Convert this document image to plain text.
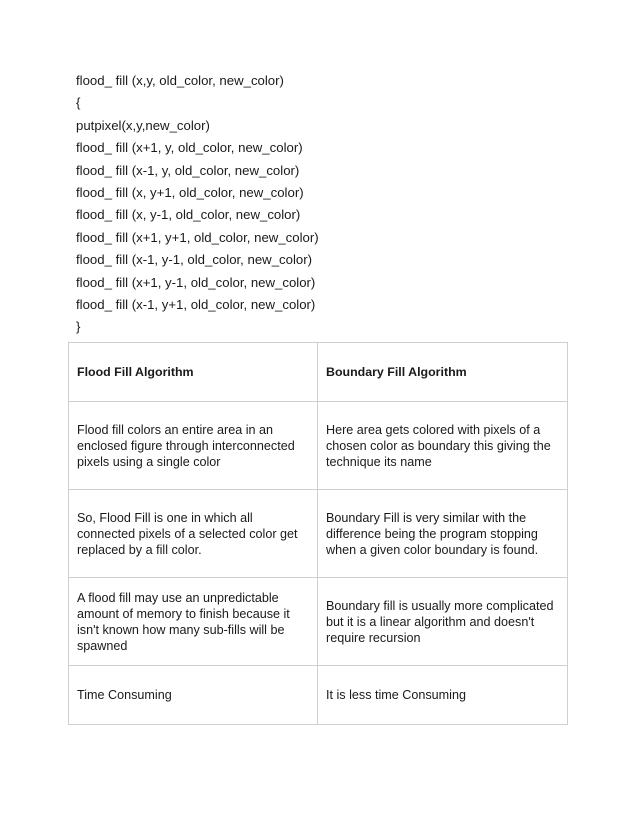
flood_ fill (x,y, old_color, new_color)
{
putpixel(x,y,new_color)
flood_ fill (x+1, y, old_color, new_color)
flood_ fill (x-1, y, old_color, new_color)
flood_ fill (x, y+1, old_color, new_color)
flood_ fill (x, y-1, old_color, new_color)
flood_ fill (x+1, y+1, old_color, new_color)
flood_ fill (x-1, y-1, old_color, new_color)
flood_ fill (x+1, y-1, old_color, new_color)
flood_ fill (x-1, y+1, old_color, new_color)
}
Flood Fill Algorithm	Boundary Fill Algorithm
Flood fill colors an entire area in an enclosed figure through interconnected pixels using a single color	Here area gets colored with pixels of a chosen color as boundary this giving the technique its name
So, Flood Fill is one in which all connected pixels of a selected color get replaced by a fill color.	Boundary Fill is very similar with the difference being the program stopping when a given color boundary is found.
A flood fill may use an unpredictable amount of memory to finish because it isn't known how many sub-fills will be spawned	Boundary fill is usually more complicated but it is a linear algorithm and doesn't require recursion
Time Consuming	It is less time Consuming
